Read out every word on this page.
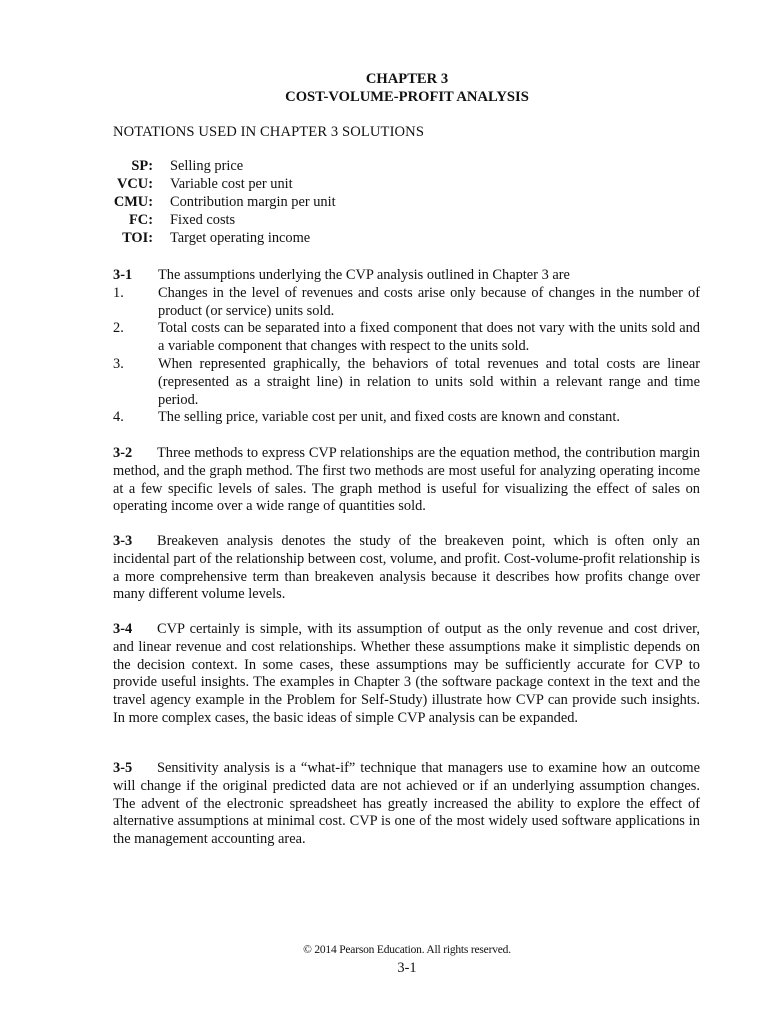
CHAPTER 3
COST-VOLUME-PROFIT ANALYSIS
NOTATIONS USED IN CHAPTER 3 SOLUTIONS
SP:	Selling price
VCU:	Variable cost per unit
CMU:	Contribution margin per unit
FC:	Fixed costs
TOI:	Target operating income
3-1	The assumptions underlying the CVP analysis outlined in Chapter 3 are
1.	Changes in the level of revenues and costs arise only because of changes in the number of product (or service) units sold.
2.	Total costs can be separated into a fixed component that does not vary with the units sold and a variable component that changes with respect to the units sold.
3.	When represented graphically, the behaviors of total revenues and total costs are linear (represented as a straight line) in relation to units sold within a relevant range and time period.
4.	The selling price, variable cost per unit, and fixed costs are known and constant.
3-2 Three methods to express CVP relationships are the equation method, the contribution margin method, and the graph method. The first two methods are most useful for analyzing operating income at a few specific levels of sales. The graph method is useful for visualizing the effect of sales on operating income over a wide range of quantities sold.
3-3 Breakeven analysis denotes the study of the breakeven point, which is often only an incidental part of the relationship between cost, volume, and profit. Cost-volume-profit relationship is a more comprehensive term than breakeven analysis because it describes how profits change over many different volume levels.
3-4 CVP certainly is simple, with its assumption of output as the only revenue and cost driver, and linear revenue and cost relationships. Whether these assumptions make it simplistic depends on the decision context. In some cases, these assumptions may be sufficiently accurate for CVP to provide useful insights. The examples in Chapter 3 (the software package context in the text and the travel agency example in the Problem for Self-Study) illustrate how CVP can provide such insights. In more complex cases, the basic ideas of simple CVP analysis can be expanded.
3-5 Sensitivity analysis is a “what-if” technique that managers use to examine how an outcome will change if the original predicted data are not achieved or if an underlying assumption changes. The advent of the electronic spreadsheet has greatly increased the ability to explore the effect of alternative assumptions at minimal cost. CVP is one of the most widely used software applications in the management accounting area.
© 2014 Pearson Education. All rights reserved.
3-1
